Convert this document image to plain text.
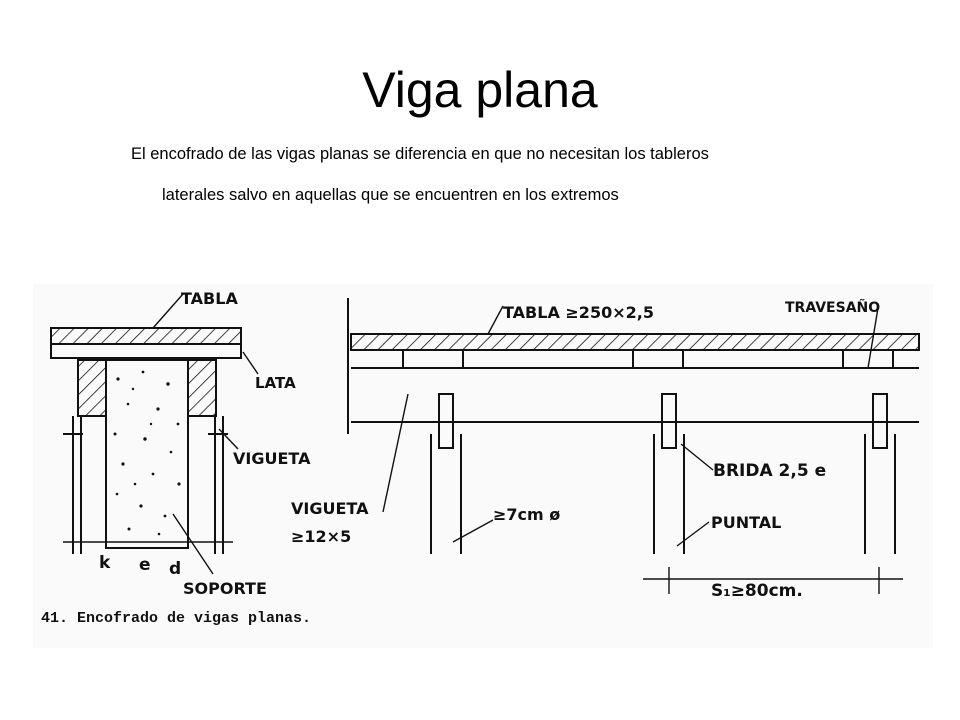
Viga plana
El encofrado de las vigas planas se diferencia en que no necesitan los tableros
laterales salvo en aquellas que se encuentren en los extremos
TABLA
LATA
VIGUETA
SOPORTE
k e d
TABLA ≥250×2,5	TRAVESAÑO
VIGUETA
≥12×5
≥7cm ø
BRIDA 2,5 e
PUNTAL
S₁≥80cm.
41. Encofrado de vigas planas.
